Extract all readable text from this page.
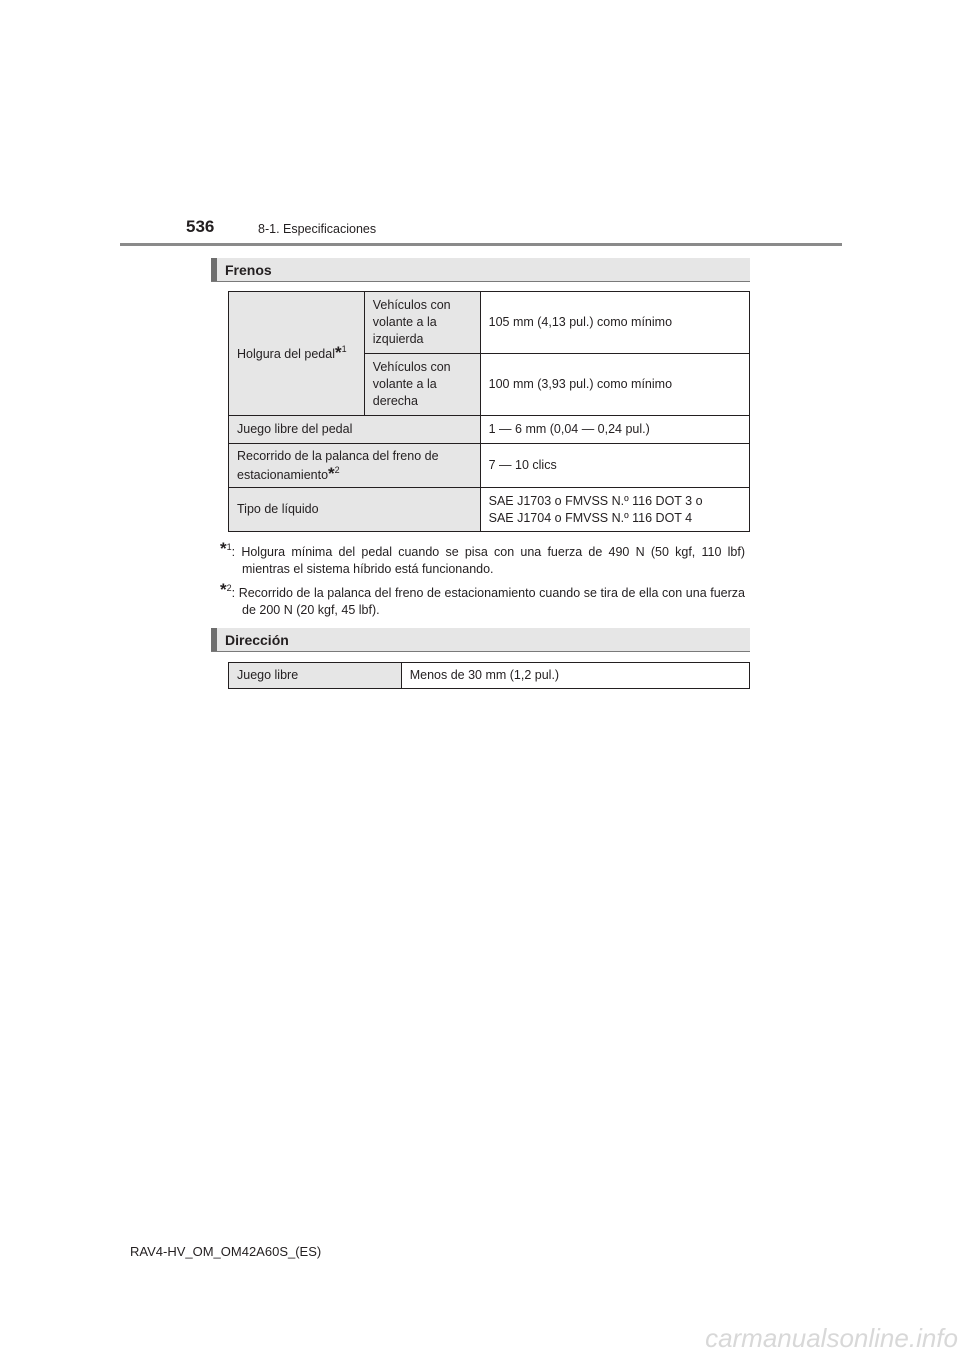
536	8-1. Especificaciones
Frenos
Holgura del pedal*$^1$	Vehículos con
volante a la
izquierda	105 mm (4,13 pul.) como mínimo

	Vehículos con
volante a la
derecha	100 mm (3,93 pul.) como mínimo
Juego libre del pedal		1 — 6 mm (0,04 — 0,24 pul.)

Recorrido de la palanca del freno de
estacionamiento*$^2$		7 — 10 clics
Tipo de líquido		SAE J1703 o FMVSS N.º 116 DOT 3 o
SAE J1704 o FMVSS N.º 116 DOT 4
*$^1$: Holgura mínima del pedal cuando se pisa con una fuerza de 490 N (50 kgf, 110 lbf) mientras el sistema híbrido está funcionando.
*$^2$: Recorrido de la palanca del freno de estacionamiento cuando se tira de ella con una fuerza de 200 N (20 kgf, 45 lbf).
Dirección
Juego libre	Menos de 30 mm (1,2 pul.)
RAV4-HV_OM_OM42A60S_(ES)
carmanualsonline.info
